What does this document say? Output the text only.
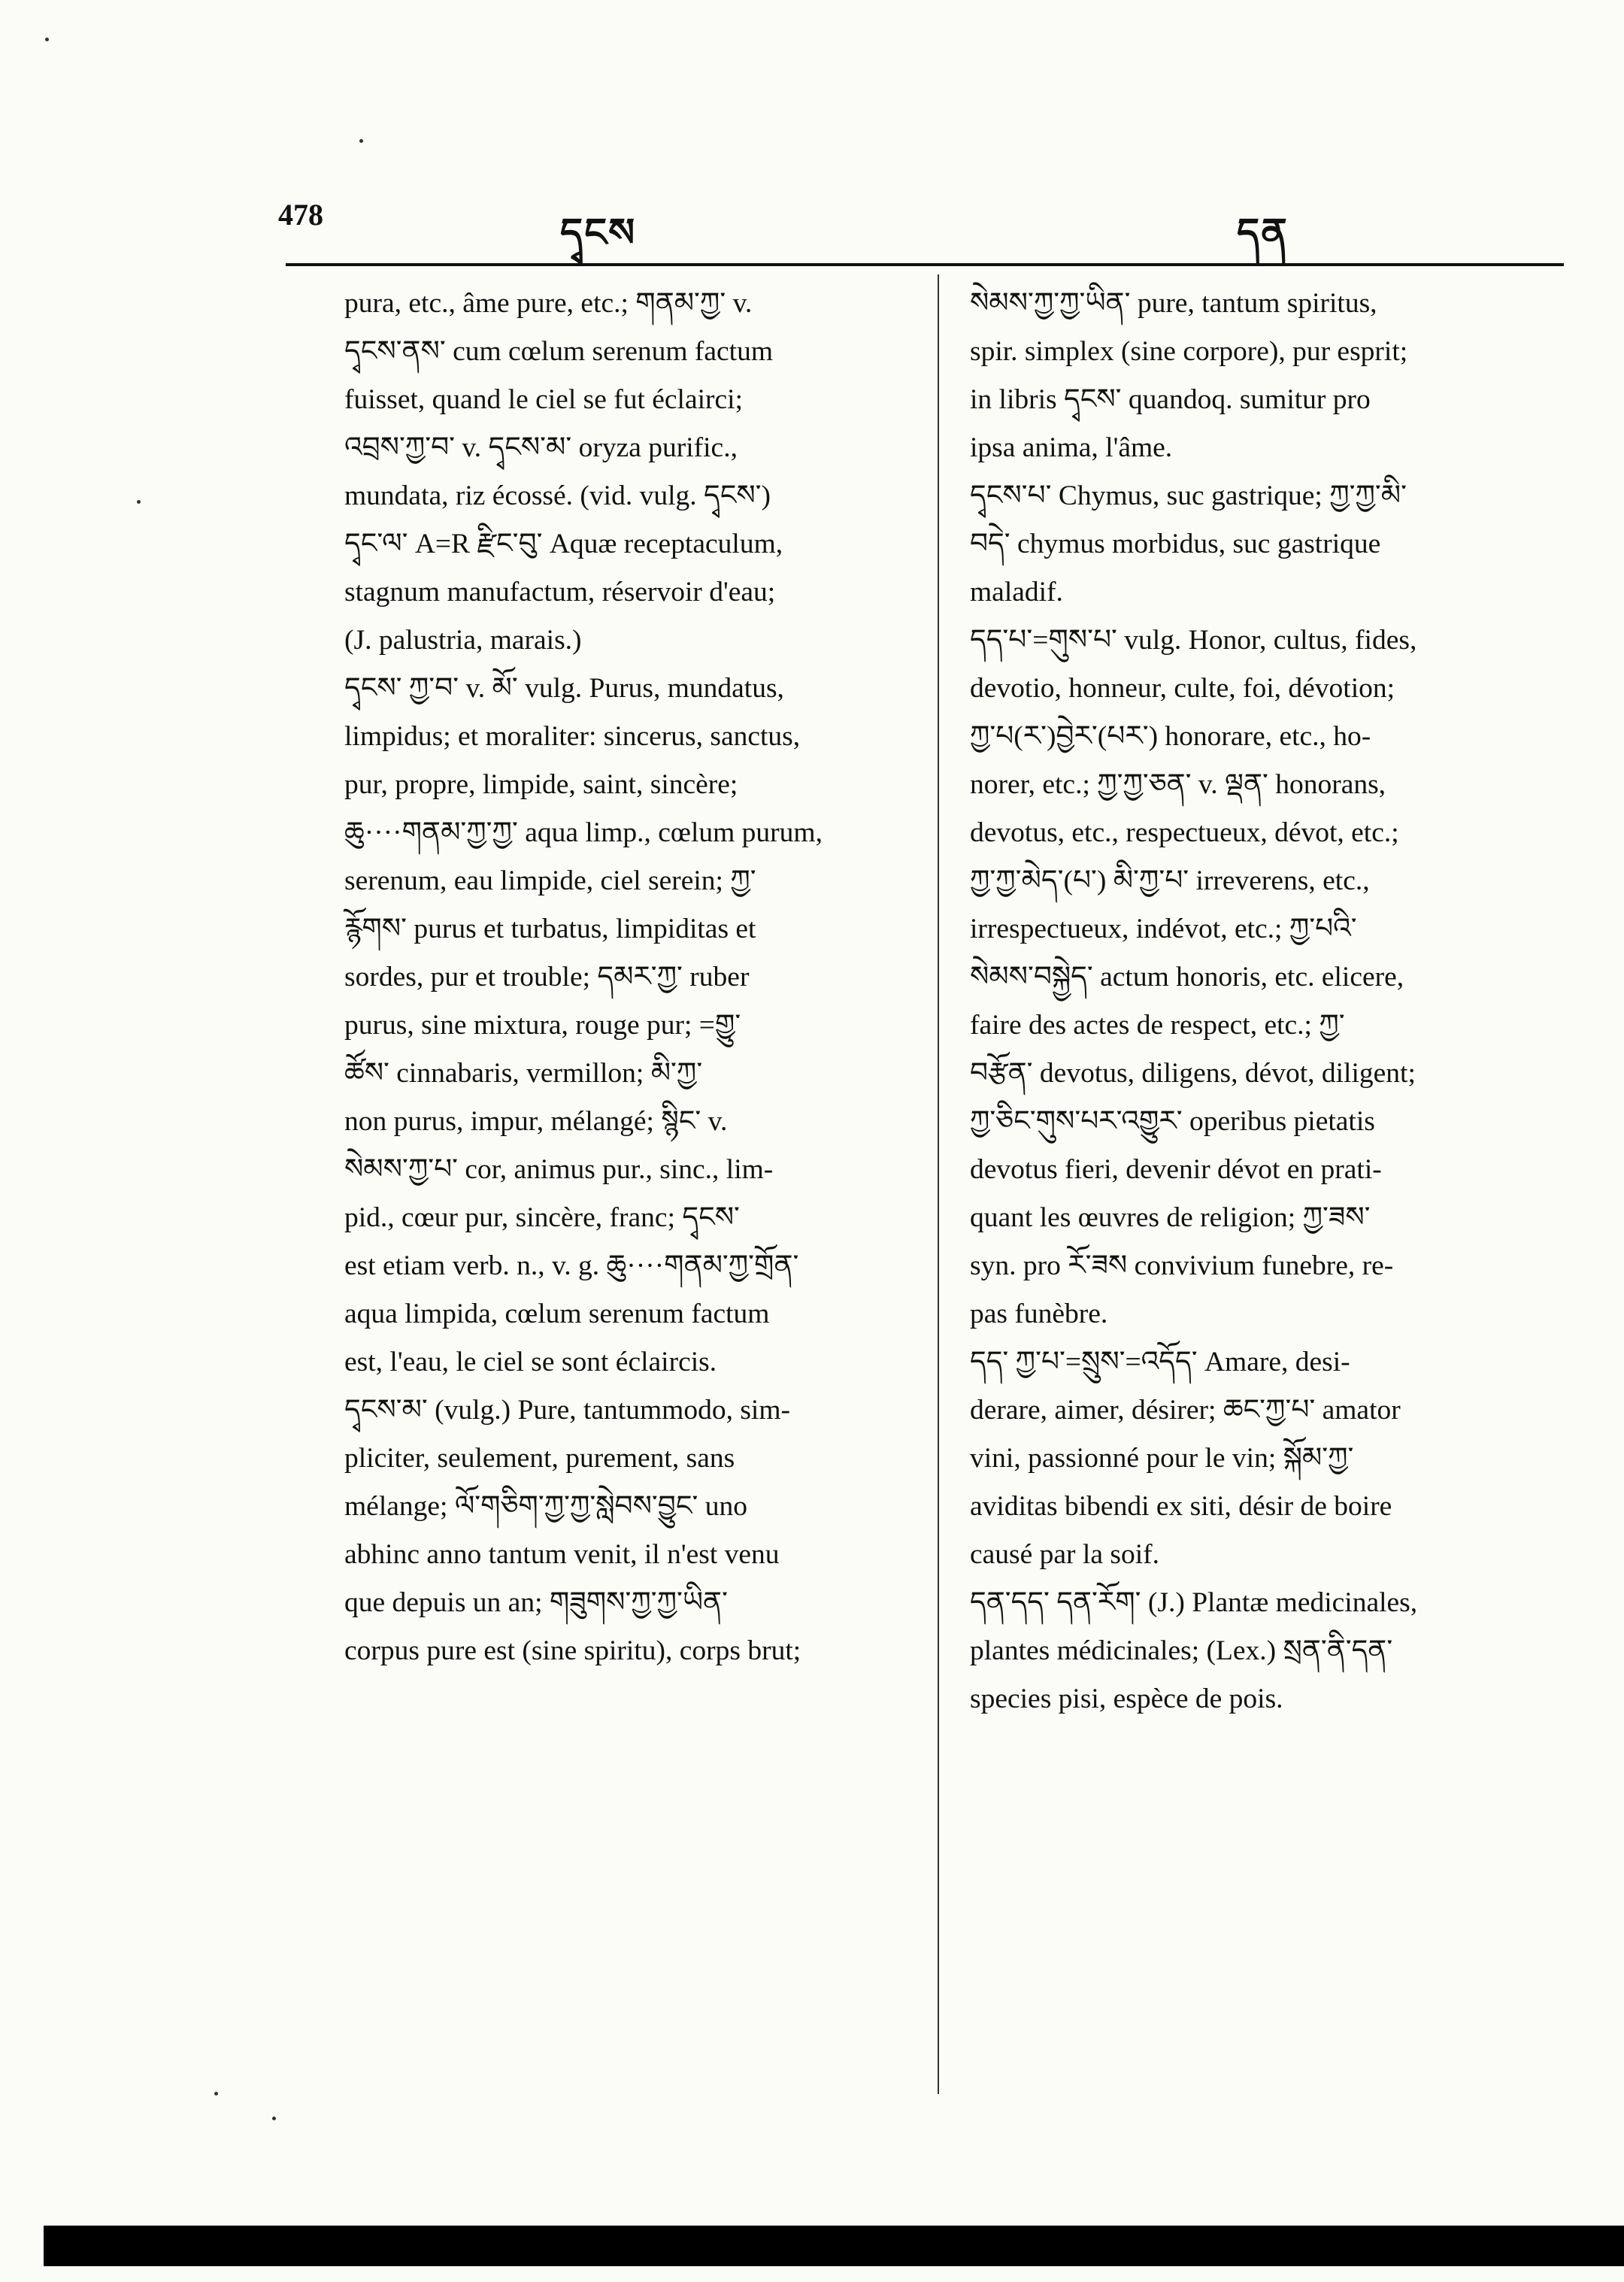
478	དྭངས	དན

pura, etc., âme pure, etc.; གནམ་ཀྱ་ v.
དྭངས་ནས་ cum cœlum serenum factum
fuisset, quand le ciel se fut éclairci;
འབྲས་ཀྱ་བ་ v. དྭངས་མ་ oryza purific.,
mundata, riz écossé. (vid. vulg. དྭངས་)
དྭང་ལ་ A=R རྫིང་བུ་ Aquæ receptaculum,
stagnum manufactum, réservoir d'eau;
(J. palustria, marais.)
དྭངས་ ཀྱ་བ་ v. མོ་ vulg. Purus, mundatus,
limpidus; et moraliter: sincerus, sanctus,
pur, propre, limpide, saint, sincère;
ཆུ····གནམ་ཀྱ་ཀྱ་ aqua limp., cœlum purum,
serenum, eau limpide, ciel serein; ཀྱ་
རྙོགས་ purus et turbatus, limpiditas et
sordes, pur et trouble; དམར་ཀྱ་ ruber
purus, sine mixtura, rouge pur; =གྱུ་
ཚོས་ cinnabaris, vermillon; མི་ཀྱ་
non purus, impur, mélangé; སྙིང་ v.
སེམས་ཀྱ་པ་ cor, animus pur., sinc., lim-
pid., cœur pur, sincère, franc; དྭངས་
est etiam verb. n., v. g. ཆུ····གནམ་ཀྱ་གྲོན་
aqua limpida, cœlum serenum factum
est, l'eau, le ciel se sont éclaircis.
དྭངས་མ་ (vulg.) Pure, tantummodo, sim-
pliciter, seulement, purement, sans
mélange; ལོ་གཅིག་ཀྱ་ཀྱ་སླེབས་བྱུང་ uno
abhinc anno tantum venit, il n'est venu
que depuis un an; གཟུགས་ཀྱ་ཀྱ་ཡིན་
corpus pure est (sine spiritu), corps brut;

སེམས་ཀྱ་ཀྱ་ཡིན་ pure, tantum spiritus,
spir. simplex (sine corpore), pur esprit;
in libris དྭངས་ quandoq. sumitur pro
ipsa anima, l'âme.
དྭངས་པ་ Chymus, suc gastrique; ཀྱ་ཀྱ་མི་
བདེ་ chymus morbidus, suc gastrique
maladif.
དད་པ་=གུས་པ་ vulg. Honor, cultus, fides,
devotio, honneur, culte, foi, dévotion;
ཀྱ་པ(ར་)བྱེར་(པར་) honorare, etc., ho-
norer, etc.; ཀྱ་ཀྱ་ཅན་ v. ལྡན་ honorans,
devotus, etc., respectueux, dévot, etc.;
ཀྱ་ཀྱ་མེད་(པ་) མི་ཀྱ་པ་ irreverens, etc.,
irrespectueux, indévot, etc.; ཀྱ་པའི་
སེམས་བསྐྱེད་ actum honoris, etc. elicere,
faire des actes de respect, etc.; ཀྱ་
བརྩོན་ devotus, diligens, dévot, diligent;
ཀྱ་ཅིང་གུས་པར་འགྱུར་ operibus pietatis
devotus fieri, devenir dévot en prati-
quant les œuvres de religion; ཀྱ་ཟས་
syn. pro རོ་ཟས convivium funebre, re-
pas funèbre.
དད་ ཀྱ་པ་=སྲུས་=འདོད་ Amare, desi-
derare, aimer, désirer; ཆང་ཀྱ་པ་ amator
vini, passionné pour le vin; སྐོམ་ཀྱ་
aviditas bibendi ex siti, désir de boire
causé par la soif.
དན་དད་ དན་རོག་ (J.) Plantæ medicinales,
plantes médicinales; (Lex.) སྲན་ནི་དན་
species pisi, espèce de pois.
